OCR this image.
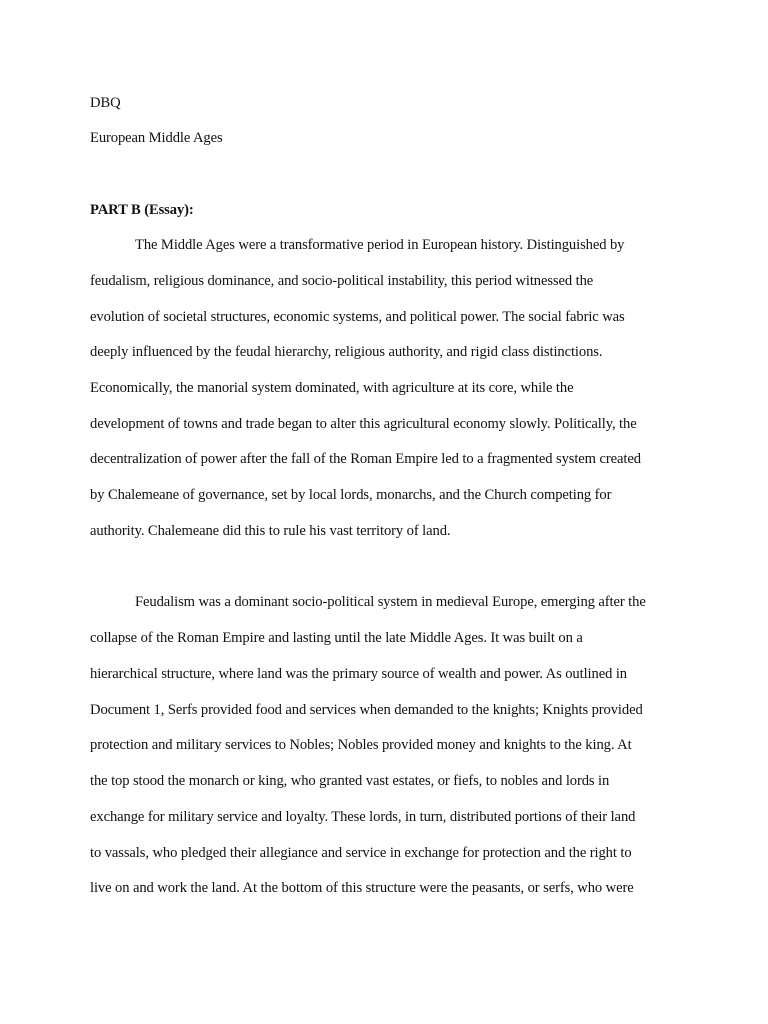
DBQ
European Middle Ages
PART B (Essay):
The Middle Ages were a transformative period in European history. Distinguished by
feudalism, religious dominance, and socio-political instability, this period witnessed the
evolution of societal structures, economic systems, and political power. The social fabric was
deeply influenced by the feudal hierarchy, religious authority, and rigid class distinctions.
Economically, the manorial system dominated, with agriculture at its core, while the
development of towns and trade began to alter this agricultural economy slowly. Politically, the
decentralization of power after the fall of the Roman Empire led to a fragmented system created
by Chalemeane of governance, set by local lords, monarchs, and the Church competing for
authority. Chalemeane did this to rule his vast territory of land.
Feudalism was a dominant socio-political system in medieval Europe, emerging after the
collapse of the Roman Empire and lasting until the late Middle Ages. It was built on a
hierarchical structure, where land was the primary source of wealth and power. As outlined in
Document 1, Serfs provided food and services when demanded to the knights; Knights provided
protection and military services to Nobles; Nobles provided money and knights to the king. At
the top stood the monarch or king, who granted vast estates, or fiefs, to nobles and lords in
exchange for military service and loyalty. These lords, in turn, distributed portions of their land
to vassals, who pledged their allegiance and service in exchange for protection and the right to
live on and work the land. At the bottom of this structure were the peasants, or serfs, who were
